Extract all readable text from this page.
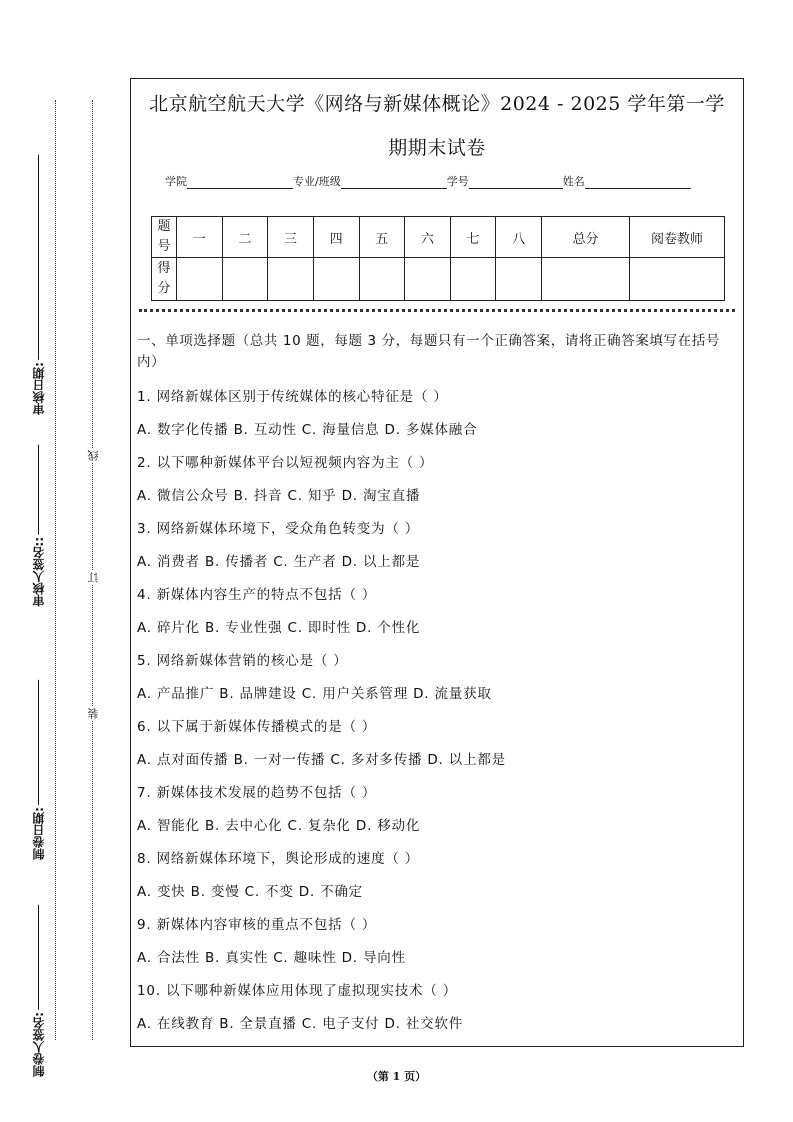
审核日期:
审核人签名::
制卷日期:
制卷人签名:
线
订
装
北京航空航天大学《网络与新媒体概论》2024 - 2025 学年第一学
期期末试卷
学院	专业/班级	学号	姓名
题号	一	二	三	四	五	六	七	八	总分	阅卷教师
得分										
一、单项选择题（总共 10 题，每题 3 分，每题只有一个正确答案，请将正确答案填写在括号内）
1. 网络新媒体区别于传统媒体的核心特征是（ ）
A. 数字化传播 B. 互动性 C. 海量信息 D. 多媒体融合
2. 以下哪种新媒体平台以短视频内容为主（ ）
A. 微信公众号 B. 抖音 C. 知乎 D. 淘宝直播
3. 网络新媒体环境下，受众角色转变为（ ）
A. 消费者 B. 传播者 C. 生产者 D. 以上都是
4. 新媒体内容生产的特点不包括（ ）
A. 碎片化 B. 专业性强 C. 即时性 D. 个性化
5. 网络新媒体营销的核心是（ ）
A. 产品推广 B. 品牌建设 C. 用户关系管理 D. 流量获取
6. 以下属于新媒体传播模式的是（ ）
A. 点对面传播 B. 一对一传播 C. 多对多传播 D. 以上都是
7. 新媒体技术发展的趋势不包括（ ）
A. 智能化 B. 去中心化 C. 复杂化 D. 移动化
8. 网络新媒体环境下，舆论形成的速度（ ）
A. 变快 B. 变慢 C. 不变 D. 不确定
9. 新媒体内容审核的重点不包括（ ）
A. 合法性 B. 真实性 C. 趣味性 D. 导向性
10. 以下哪种新媒体应用体现了虚拟现实技术（ ）
A. 在线教育 B. 全景直播 C. 电子支付 D. 社交软件
（第 1 页）
